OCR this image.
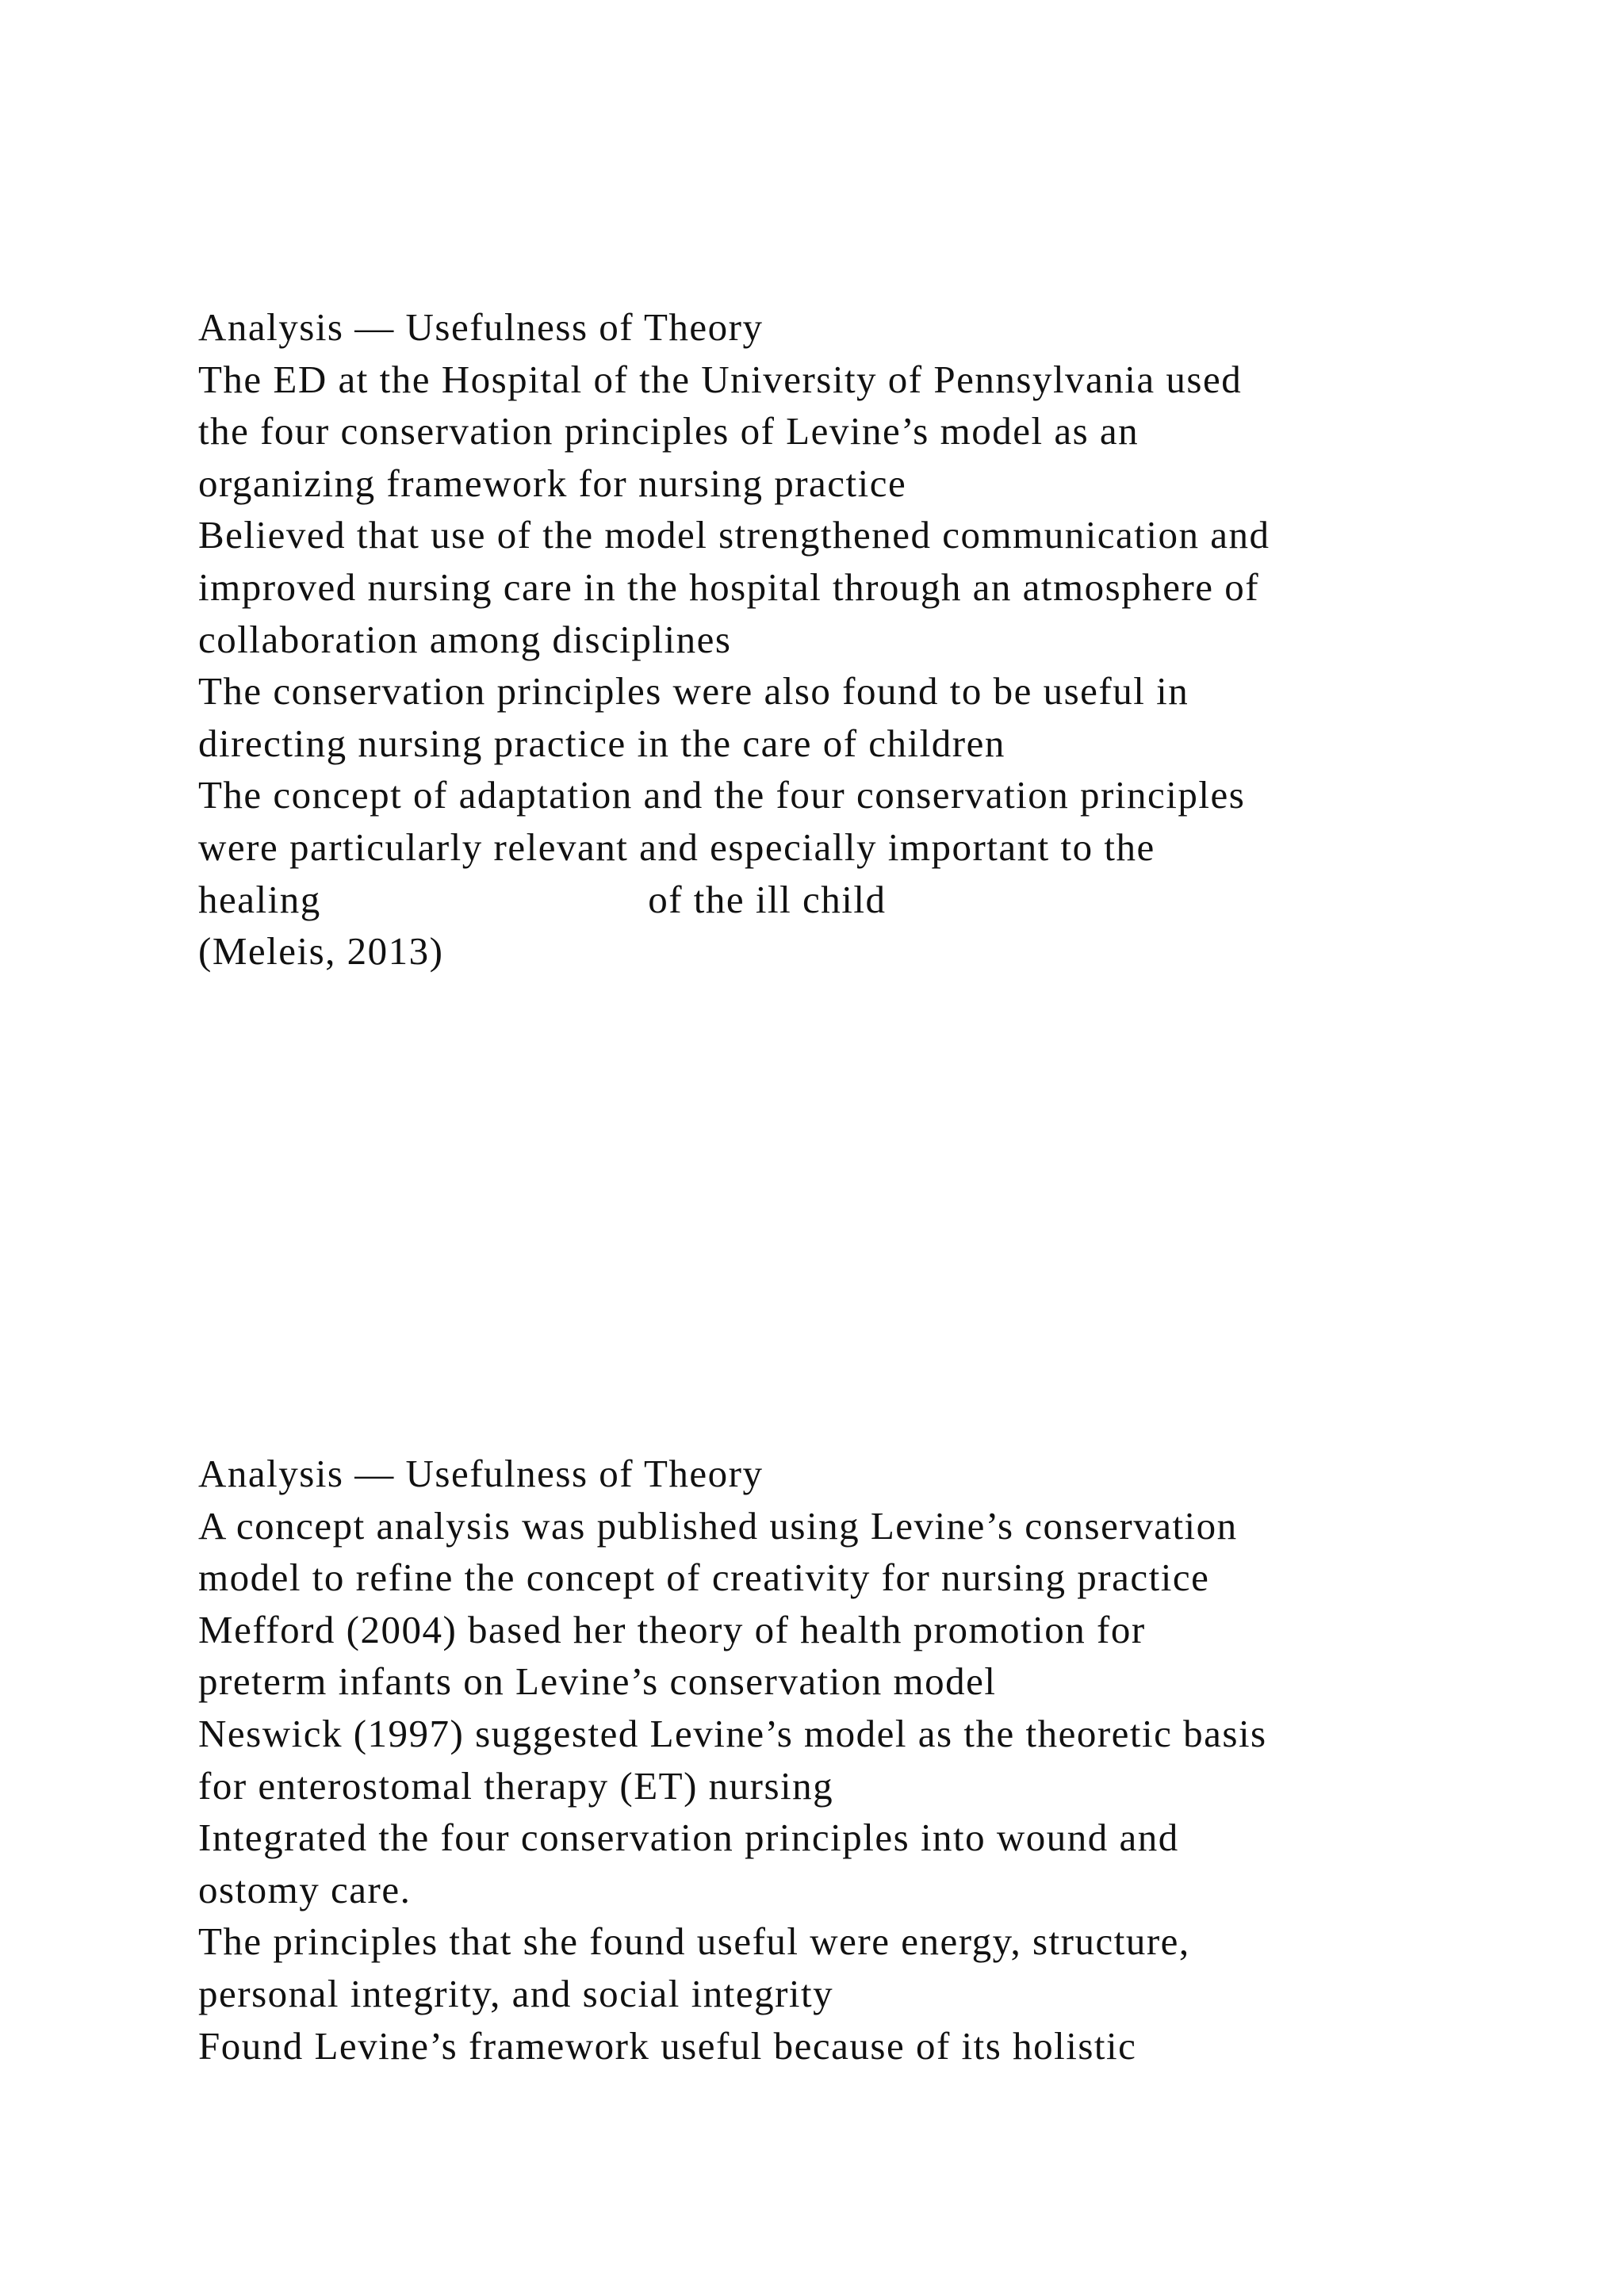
Analysis — Usefulness of Theory
The ED at the Hospital of the University of Pennsylvania used
the four conservation principles of Levine’s model as an
organizing framework for nursing practice
Believed that use of the model strengthened communication and
improved nursing care in the hospital through an atmosphere of
collaboration among disciplines
The conservation principles were also found to be useful in
directing nursing practice in the care of children
The concept of adaptation and the four conservation principles
were particularly relevant and especially important to the
healing                              of the ill child
(Meleis, 2013)
Analysis — Usefulness of Theory
A concept analysis was published using Levine’s conservation
model to refine the concept of creativity for nursing practice
Mefford (2004) based her theory of health promotion for
preterm infants on Levine’s conservation model
Neswick (1997) suggested Levine’s model as the theoretic basis
for enterostomal therapy (ET) nursing
Integrated the four conservation principles into wound and
ostomy care.
The principles that she found useful were energy, structure,
personal integrity, and social integrity
Found Levine’s framework useful because of its holistic
